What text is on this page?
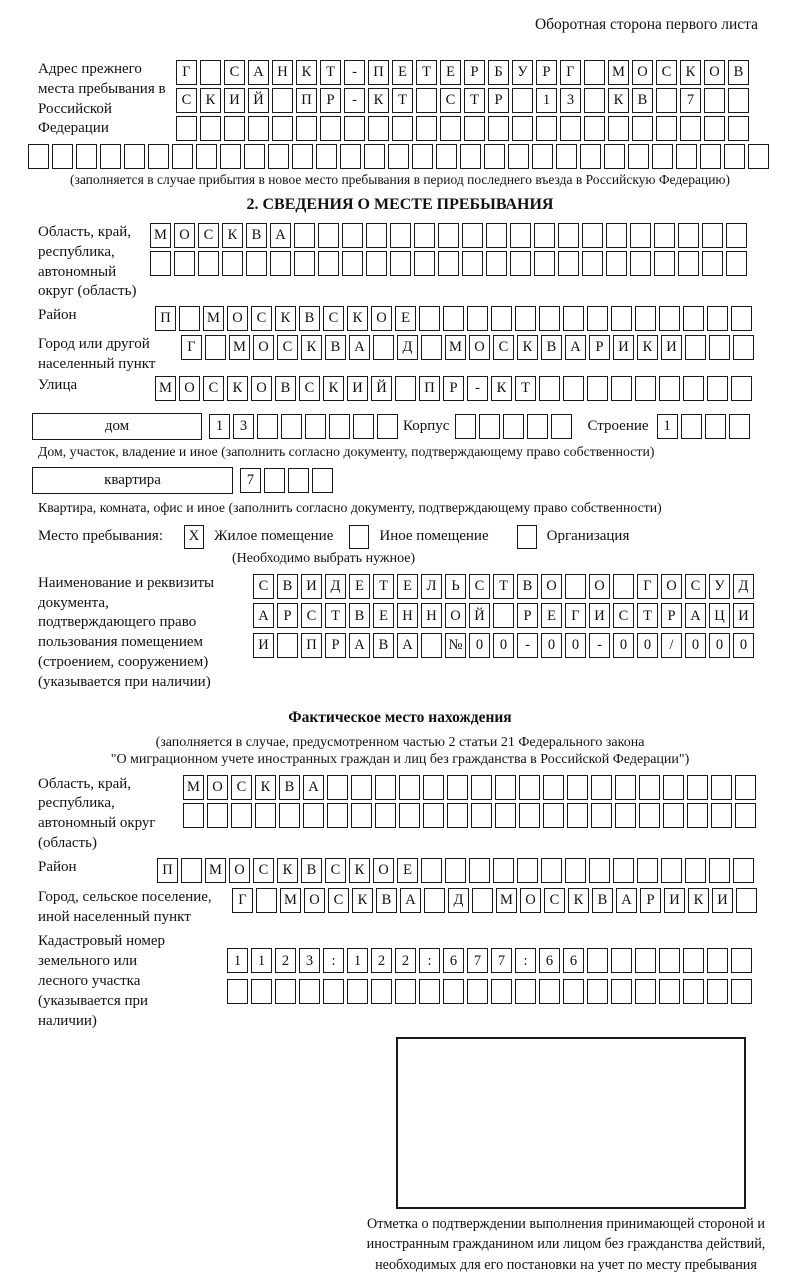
Оборотная сторона первого листа
Адрес прежнего места пребывания в Российской Федерации
Г	С А Н К	Т	-	П Е	Т	Е	Р	Б	У	Р	Г	М О С К О В
С К И Й	П	Р	-	К	Т	С	Т	Р	1	3	К В	7
(заполняется в случае прибытия в новое место пребывания в период последнего въезда в Российскую Федерацию)
2. СВЕДЕНИЯ О МЕСТЕ ПРЕБЫВАНИЯ
Область, край, республика, автономный округ (область)
М О С К В А
Район	П	М О С К В С К О Е
Город или другой населенный пункт
Г	М О С К В А	Д	М О С К В А	Р	И К И
Улица	М О С К О В С К И Й	П	Р	-	К	Т
дом	1	3	Корпус	Строение	1
Дом, участок, владение и иное (заполнить согласно документу, подтверждающему право собственности)
квартира	7
Квартира, комната, офис и иное (заполнить согласно документу, подтверждающему право собственности)
Место пребывания:	X Жилое помещение	Иное помещение	Организация
(Необходимо выбрать нужное)
Наименование и реквизиты документа, подтверждающего право пользования помещением (строением, сооружением) (указывается при наличии)
С В И Д	Е	Т	Е	Л	Ь	С	Т	В О	О	Г	О С У Д
А	Р	С	Т	В	Е Н Н О Й	Р	Е	Г	И С	Т	Р	А Ц И
И	П	Р	А В А	№ 0	0	-	0	0	-	0	0	/	0	0	0
Фактическое место нахождения
(заполняется в случае, предусмотренном частью 2 статьи 21 Федерального закона
"О миграционном учете иностранных граждан и лиц без гражданства в Российской Федерации")
Область, край, республика, автономный округ (область)
М О С К В А
Район	П	М О С К В С К О Е
Город, сельское поселение, иной населенный пункт
Г	М О С К В А	Д	М О С К В А	Р	И К И
Кадастровый номер земельного или лесного участка (указывается при наличии)
1	1	2	3	:	1	2	2	:	6	7	7	:	6	6
Отметка о подтверждении выполнения принимающей стороной и иностранным гражданином или лицом без гражданства действий, необходимых для его постановки на учет по месту пребывания
